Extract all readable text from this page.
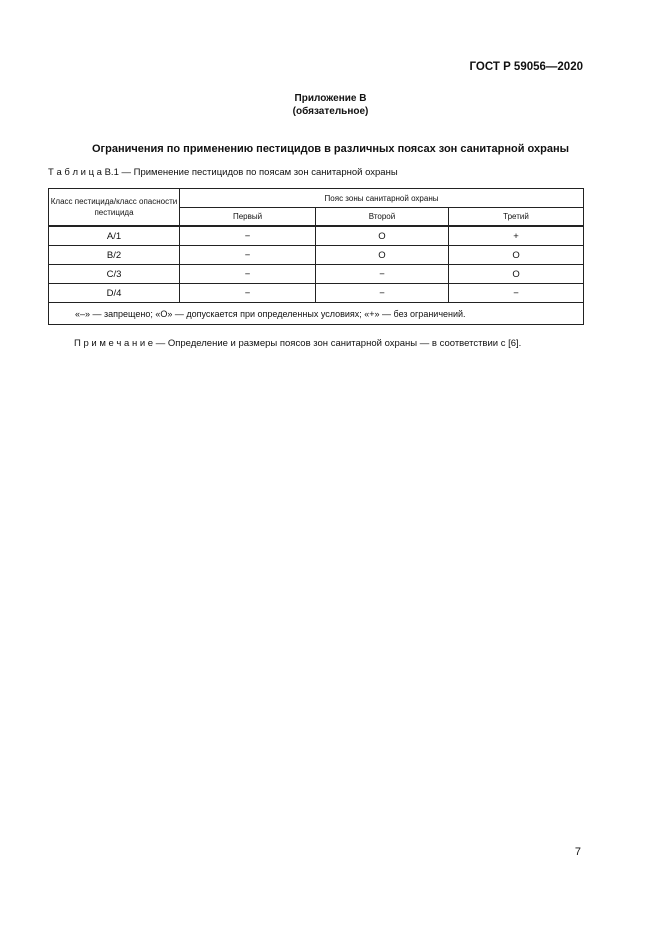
ГОСТ Р 59056—2020
Приложение В
(обязательное)
Ограничения по применению пестицидов в различных поясах зон санитарной охраны
Т а б л и ц а В.1 — Применение пестицидов по поясам зон санитарной охраны
Класс пестицида/класс опасности пестицида	Пояс зоны санитарной охраны		
	Первый	Второй	Третий
А/1	−	О	+
В/2	−	О	О
С/3	−	−	О
D/4	−	−	−
«–» — запрещено; «О» — допускается при определенных условиях; «+» — без ограничений.			
П р и м е ч а н и е — Определение и размеры поясов зон санитарной охраны — в соответствии с [6].
7
